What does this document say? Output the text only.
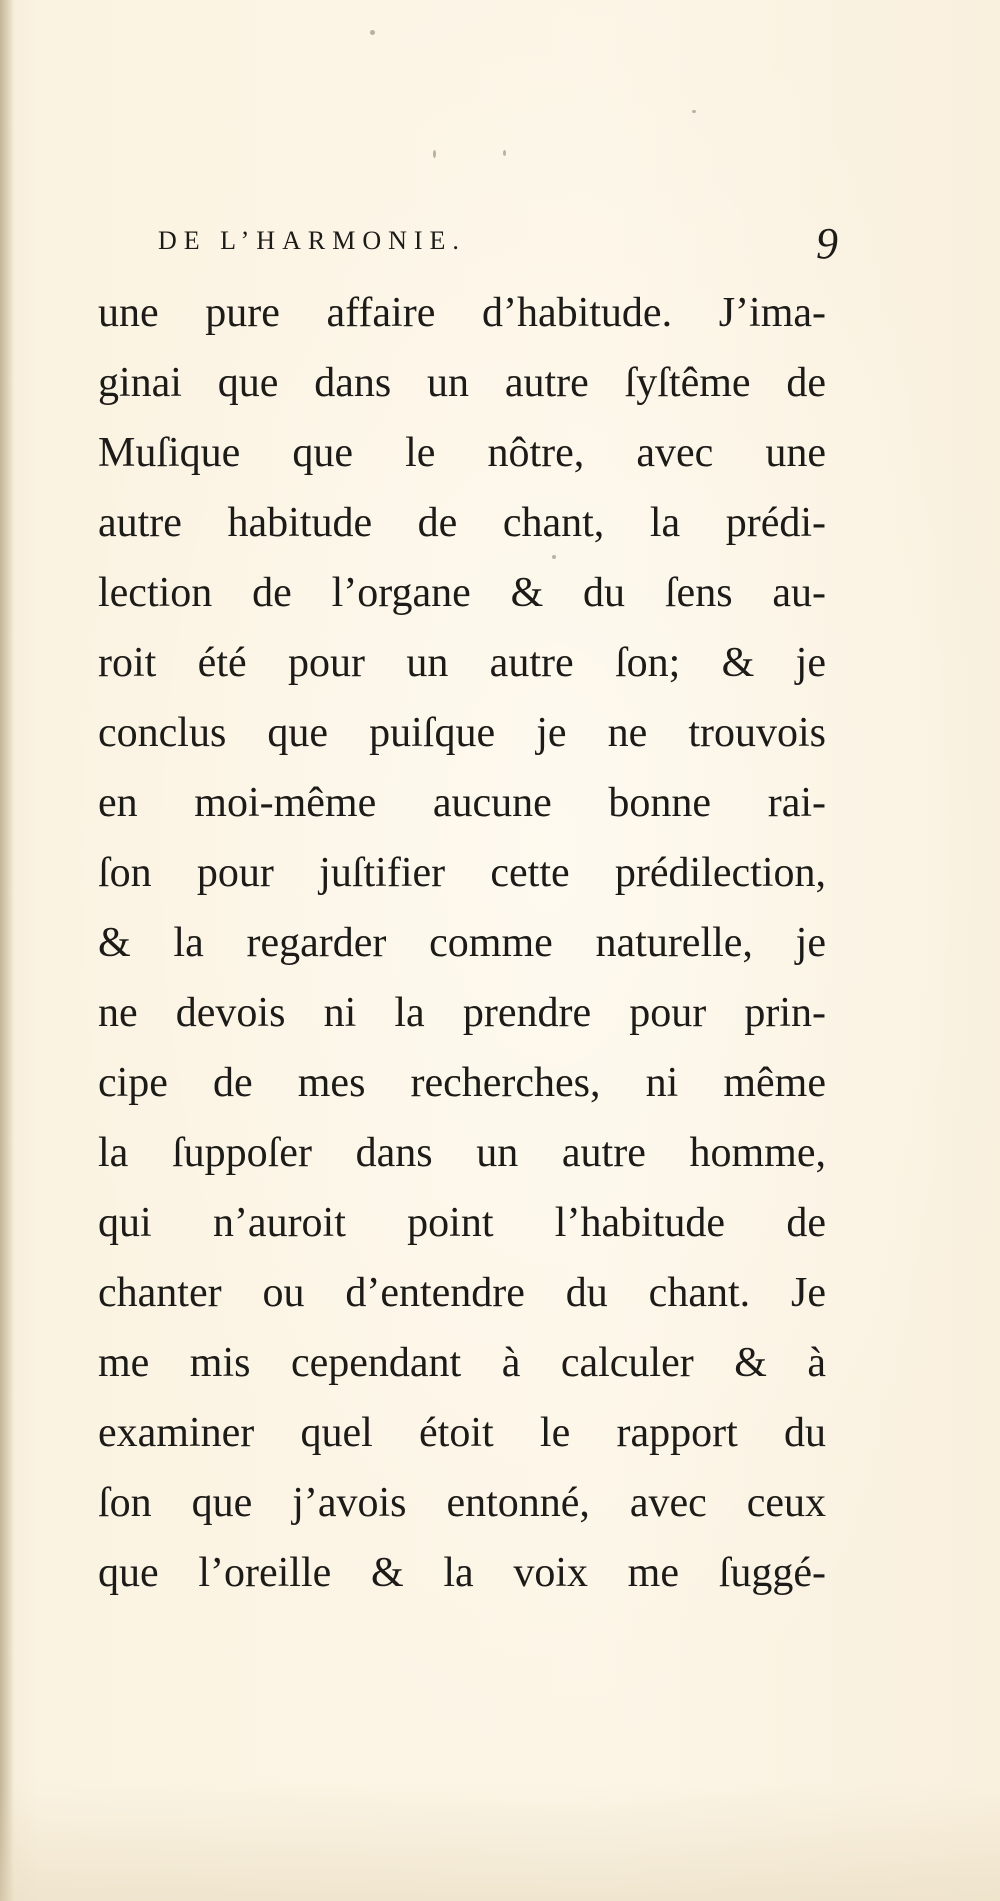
DE L’HARMONIE.	9
une pure affaire d’habitude. J’ima-
ginai que dans un autre ſyſtême de
Muſique que le nôtre, avec une
autre habitude de chant, la prédi-
lection de l’organe & du ſens au-
roit été pour un autre ſon; & je
conclus que puiſque je ne trouvois
en moi-même aucune bonne rai-
ſon pour juſtifier cette prédilection,
& la regarder comme naturelle, je
ne devois ni la prendre pour prin-
cipe de mes recherches, ni même
la ſuppoſer dans un autre homme,
qui n’auroit point l’habitude de
chanter ou d’entendre du chant. Je
me mis cependant à calculer & à
examiner quel étoit le rapport du
ſon que j’avois entonné, avec ceux
que l’oreille & la voix me ſuggé-
